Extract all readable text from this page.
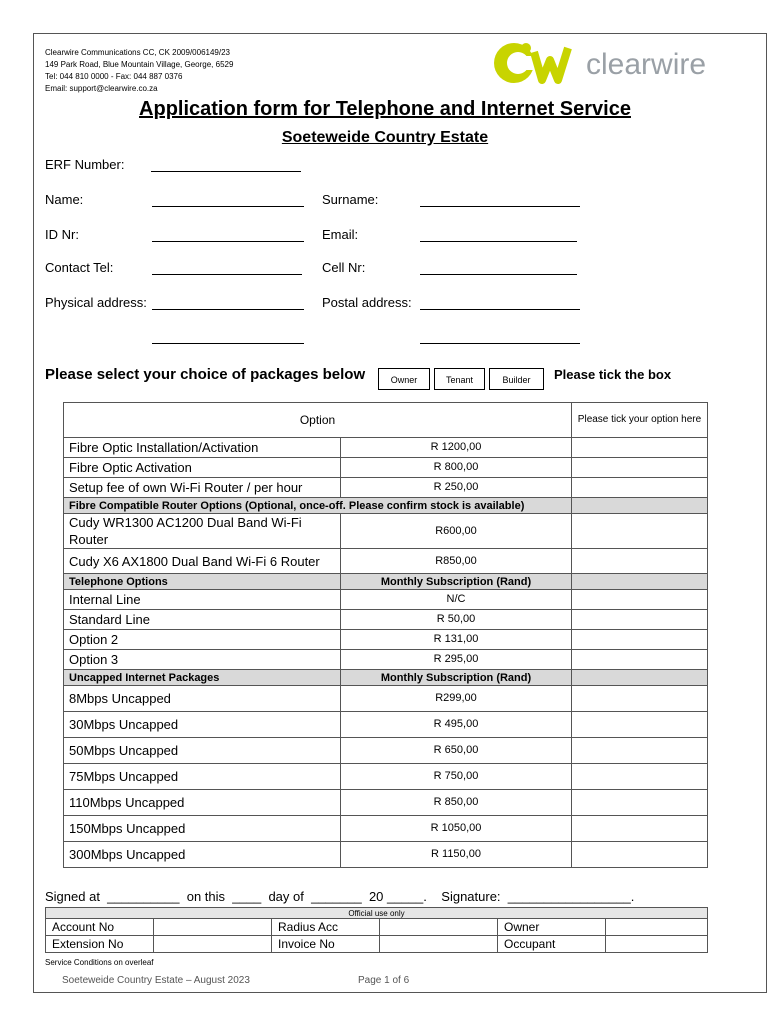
Clearwire Communications CC, CK 2009/006149/23
149 Park Road, Blue Mountain Village, George, 6529
Tel: 044 810 0000 - Fax: 044 887 0376
Email: support@clearwire.co.za
clearwire
Application form for Telephone and Internet Service
Soeteweide Country Estate
ERF Number:
Name:	Surname:
ID Nr:	Email:
Contact Tel:	Cell Nr:
Physical address:	Postal address:
Please select your choice of packages below	Owner	Tenant	Builder	Please tick the box
Option		Please tick your option here
Fibre Optic Installation/Activation	R 1200,00	
Fibre Optic Activation	R 800,00	
Setup fee of own Wi-Fi Router / per hour	R 250,00	
Fibre Compatible Router Options (Optional, once-off. Please confirm stock is available)		
Cudy WR1300 AC1200 Dual Band Wi-Fi Router	R600,00	
Cudy X6 AX1800 Dual Band Wi-Fi 6 Router	R850,00	
Telephone Options	Monthly Subscription (Rand)	
Internal Line	N/C	
Standard Line	R 50,00	
Option 2	R 131,00	
Option 3	R 295,00	
Uncapped Internet Packages	Monthly Subscription (Rand)	
8Mbps Uncapped	R299,00	
30Mbps Uncapped	R 495,00	
50Mbps Uncapped	R 650,00	
75Mbps Uncapped	R 750,00	
110Mbps Uncapped	R 850,00	
150Mbps Uncapped	R 1050,00	
300Mbps Uncapped	R 1150,00	
Signed at  __________  on this  ____  day of  _______  20 _____.    Signature:  _________________.
Official use only					
Account No		Radius Acc		Owner	
Extension No		Invoice No		Occupant	
Service Conditions on overleaf
Soeteweide Country Estate – August 2023	Page 1 of 6
